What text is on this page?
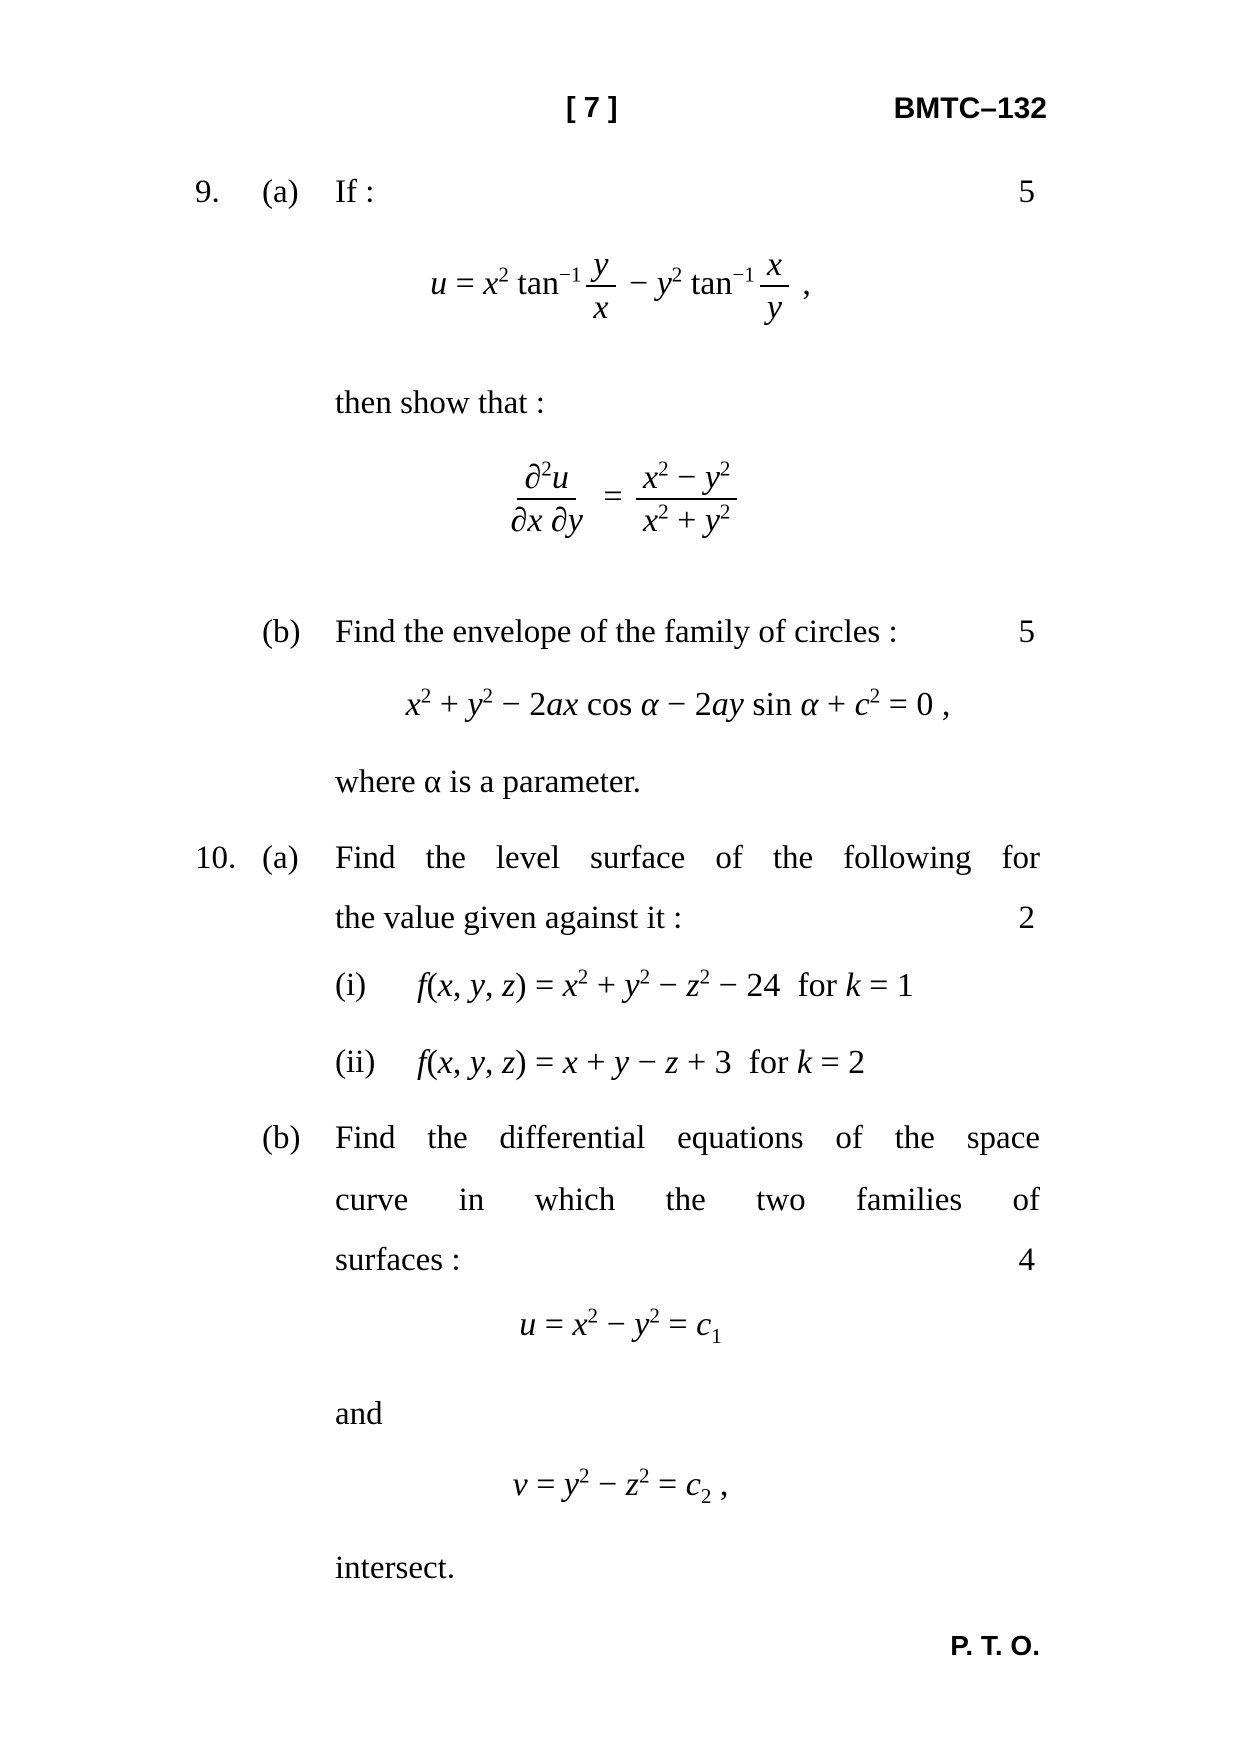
[ 7 ]	BMTC–132
9. (a) If :	5
$u = x^2$ $\tan^{-1} \frac{y}{x} - y^2$ $\tan^{-1} \frac{x}{y}$ ,
then show that :
$\frac{\partial^2u}{\partial x \partial y} = \frac{x^2 - y^2}{x^2 + y^2}$
(b) Find the envelope of the family of circles :	5
$x^2 + y^2 - 2ax$ cos α − 2ay $\sin \alpha + c^2 = 0$ ,
where α is a parameter.
10. (a) Find the level surface of the following for
the value given against it :	2
(i) f(x, y, $z) = x^2 + y^2 - z^2 - 24$  for k = 1
(ii) f(x, y, z) = x + y − z + 3  for k = 2
(b) Find the differential equations of the space
curve in which the two families of
surfaces :	4
$u = x^2 - y^2 = c_1$
and
$v = y^2 - z^2 = c_2$ ,
intersect.
P. T. O.
